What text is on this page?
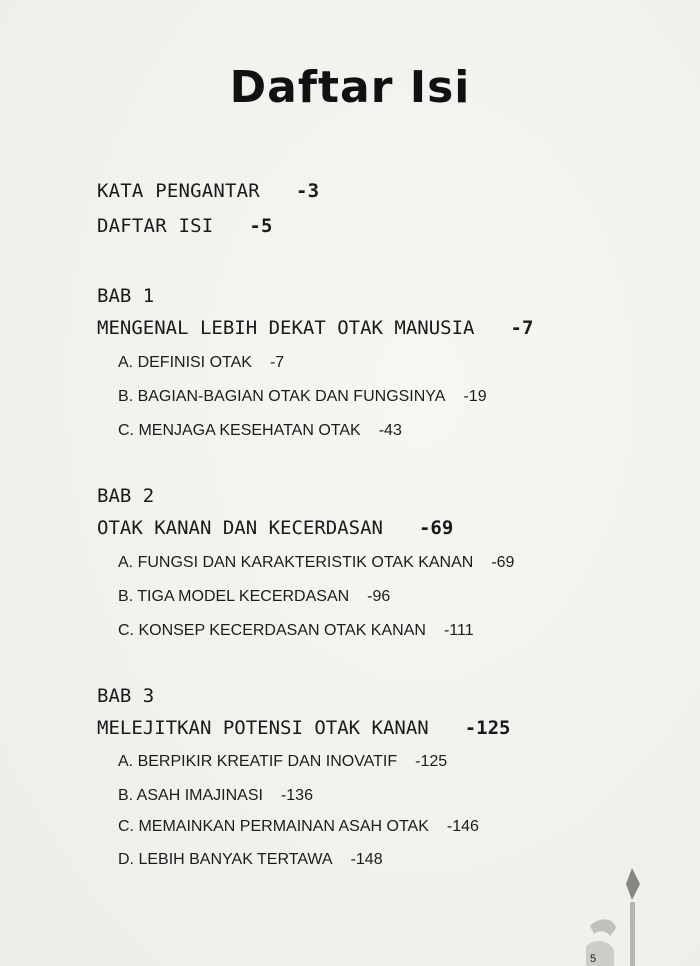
Daftar Isi
KATA PENGANTAR -3
DAFTAR ISI -5
BAB 1
MENGENAL LEBIH DEKAT OTAK MANUSIA -7
A. DEFINISI OTAK -7
B. BAGIAN-BAGIAN OTAK DAN FUNGSINYA -19
C. MENJAGA KESEHATAN OTAK -43
BAB 2
OTAK KANAN DAN KECERDASAN -69
A. FUNGSI DAN KARAKTERISTIK OTAK KANAN -69
B. TIGA MODEL KECERDASAN -96
C. KONSEP KECERDASAN OTAK KANAN -111
BAB 3
MELEJITKAN POTENSI OTAK KANAN -125
A. BERPIKIR KREATIF DAN INOVATIF -125
B. ASAH IMAJINASI -136
C. MEMAINKAN PERMAINAN ASAH OTAK -146
D. LEBIH BANYAK TERTAWA -148
5
